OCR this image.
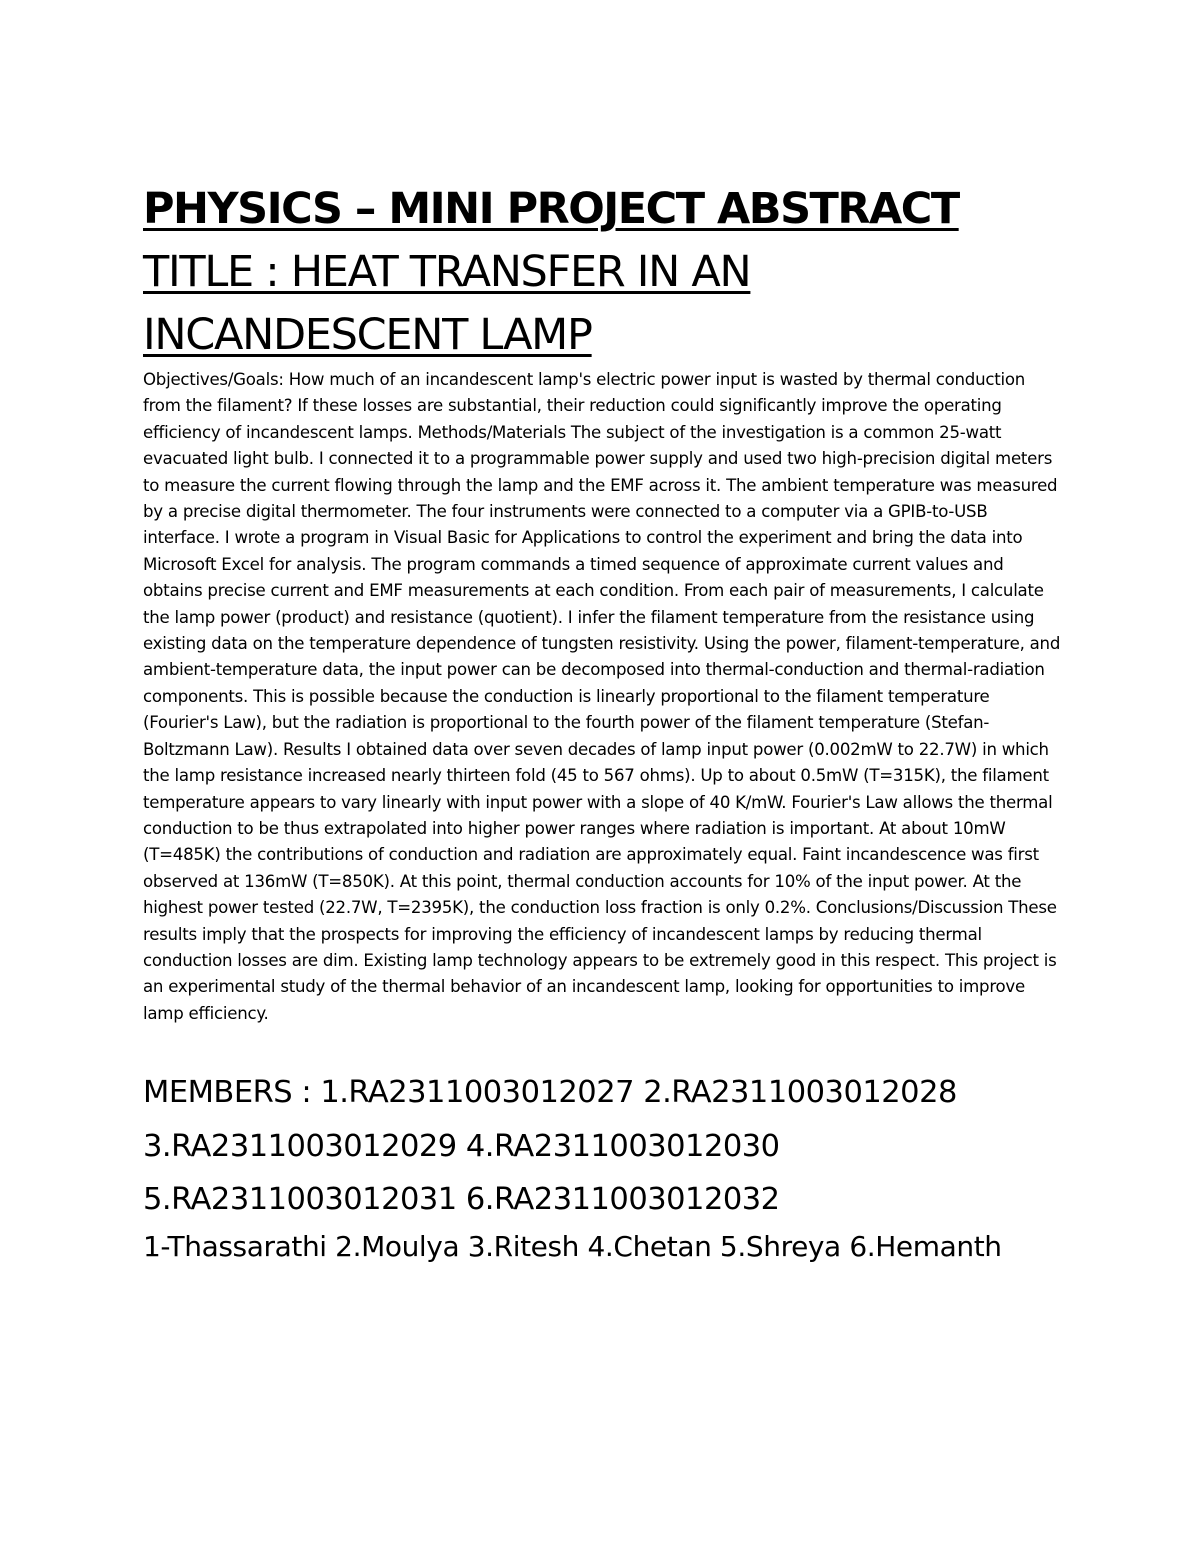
PHYSICS – MINI PROJECT ABSTRACT
TITLE : HEAT TRANSFER IN AN
INCANDESCENT LAMP

Objectives/Goals: How much of an incandescent lamp's electric power input is wasted by thermal conduction from the filament? If these losses are substantial, their reduction could significantly improve the operating efficiency of incandescent lamps. Methods/Materials The subject of the investigation is a common 25-watt evacuated light bulb. I connected it to a programmable power supply and used two high-precision digital meters to measure the current flowing through the lamp and the EMF across it. The ambient temperature was measured by a precise digital thermometer. The four instruments were connected to a computer via a GPIB-to-USB interface. I wrote a program in Visual Basic for Applications to control the experiment and bring the data into Microsoft Excel for analysis. The program commands a timed sequence of approximate current values and obtains precise current and EMF measurements at each condition. From each pair of measurements, I calculate the lamp power (product) and resistance (quotient). I infer the filament temperature from the resistance using existing data on the temperature dependence of tungsten resistivity. Using the power, filament-temperature, and ambient-temperature data, the input power can be decomposed into thermal-conduction and thermal-radiation components. This is possible because the conduction is linearly proportional to the filament temperature (Fourier's Law), but the radiation is proportional to the fourth power of the filament temperature (Stefan-Boltzmann Law). Results I obtained data over seven decades of lamp input power (0.002mW to 22.7W) in which the lamp resistance increased nearly thirteen fold (45 to 567 ohms). Up to about 0.5mW (T=315K), the filament temperature appears to vary linearly with input power with a slope of 40 K/mW. Fourier's Law allows the thermal conduction to be thus extrapolated into higher power ranges where radiation is important. At about 10mW (T=485K) the contributions of conduction and radiation are approximately equal. Faint incandescence was first observed at 136mW (T=850K). At this point, thermal conduction accounts for 10% of the input power. At the highest power tested (22.7W, T=2395K), the conduction loss fraction is only 0.2%. Conclusions/Discussion These results imply that the prospects for improving the efficiency of incandescent lamps by reducing thermal conduction losses are dim. Existing lamp technology appears to be extremely good in this respect. This project is an experimental study of the thermal behavior of an incandescent lamp, looking for opportunities to improve lamp efficiency.

MEMBERS : 1.RA2311003012027 2.RA2311003012028 3.RA2311003012029 4.RA2311003012030 5.RA2311003012031 6.RA2311003012032
1-Thassarathi 2.Moulya 3.Ritesh 4.Chetan 5.Shreya 6.Hemanth
